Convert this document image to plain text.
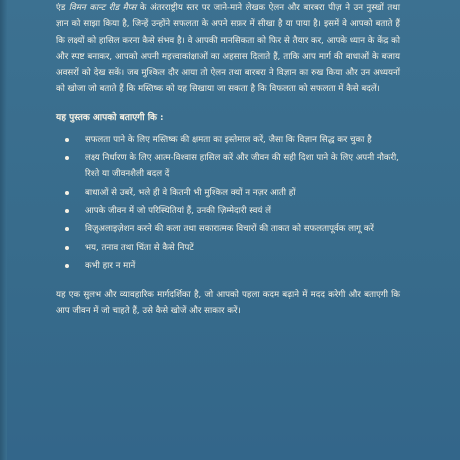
एंड विमन कान्ट रीड मैप्स के अंतरराष्ट्रीय स्तर पर जाने-माने लेखक ऐलन और बारबरा पीज़ ने उन नुस्खों तथा ज्ञान को साझा किया है, जिन्हें उन्होंने सफलता के अपने सफ़र में सीखा है या पाया है। इसमें वे आपको बताते हैं कि लक्ष्यों को हासिल करना कैसे संभव है। वे आपकी मानसिकता को फिर से तैयार कर, आपके ध्यान के केंद्र को और स्पष्ट बनाकर, आपको अपनी महत्त्वाकांक्षाओं का अहसास दिलाते हैं, ताकि आप मार्ग की बाधाओं के बजाय अवसरों को देख सकें। जब मुश्किल दौर आया तो ऐलन तथा बारबरा ने विज्ञान का रुख किया और उन अध्ययनों को खोजा जो बताते हैं कि मस्तिष्क को यह सिखाया जा सकता है कि विफलता को सफलता में कैसे बदलें।

यह पुस्तक आपको बताएगी कि :
सफलता पाने के लिए मस्तिष्क की क्षमता का इस्तेमाल करें, जैसा कि विज्ञान सिद्ध कर चुका है
लक्ष्य निर्धारण के लिए आत्म-विश्वास हासिल करें और जीवन की सही दिशा पाने के लिए अपनी नौकरी, रिश्ते या जीवनशैली बदल दें
बाधाओं से उबरें, भले ही वे कितनी भी मुश्किल क्यों न नज़र आती हों
आपके जीवन में जो परिस्थितियां हैं, उनकी ज़िम्मेदारी स्वयं लें
विज़ुअलाइज़ेशन करने की कला तथा सकारात्मक विचारों की ताकत को सफलतापूर्वक लागू करें
भय, तनाव तथा चिंता से कैसे निपटें
कभी हार न मानें

यह एक सुलभ और व्यावहारिक मार्गदर्शिका है, जो आपको पहला कदम बढ़ाने में मदद करेगी और बताएगी कि आप जीवन में जो चाहते हैं, उसे कैसे खोजें और साकार करें।
